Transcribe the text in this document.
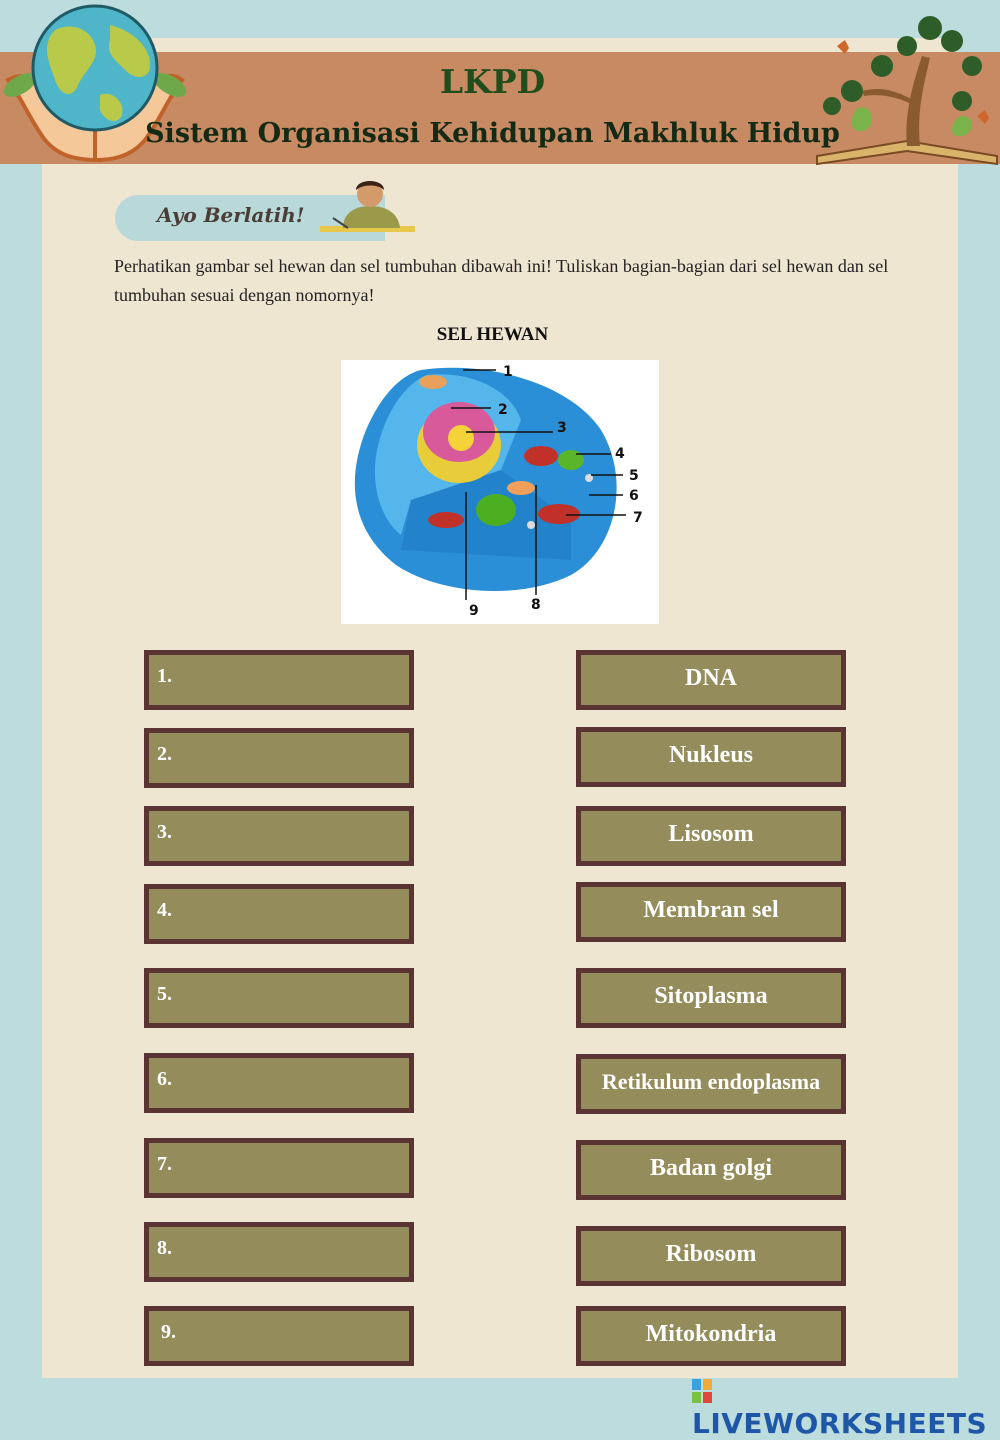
LKPD
Sistem Organisasi Kehidupan Makhluk Hidup
Ayo Berlatih!
Perhatikan gambar sel hewan dan sel tumbuhan dibawah ini! Tuliskan bagian-bagian dari sel hewan dan sel tumbuhan sesuai dengan nomornya!
SEL HEWAN
1
2
3
4
5
6
7
8
9
1.
2.
3.
4.
5.
6.
7.
8.
9.
DNA
Nukleus
Lisosom
Membran sel
Sitoplasma
Retikulum endoplasma
Badan golgi
Ribosom
Mitokondria
LIVEWORKSHEETS
